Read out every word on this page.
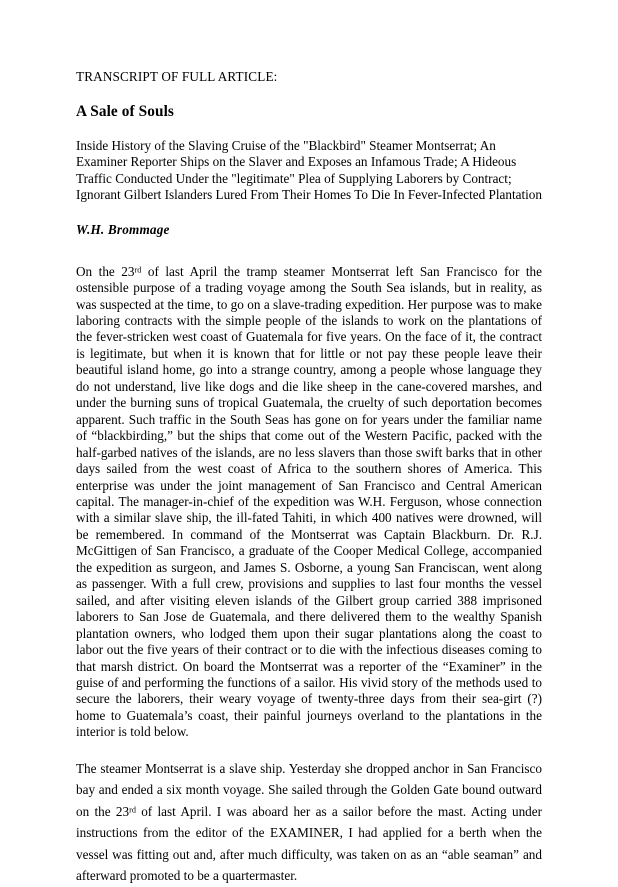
TRANSCRIPT OF FULL ARTICLE:

A Sale of Souls

Inside History of the Slaving Cruise of the "Blackbird" Steamer Montserrat; An Examiner Reporter Ships on the Slaver and Exposes an Infamous Trade; A Hideous Traffic Conducted Under the "legitimate" Plea of Supplying Laborers by Contract; Ignorant Gilbert Islanders Lured From Their Homes To Die In Fever-Infected Plantation

W.H. Brommage

On the 23rd of last April the tramp steamer Montserrat left San Francisco for the ostensible purpose of a trading voyage among the South Sea islands, but in reality, as was suspected at the time, to go on a slave-trading expedition. Her purpose was to make laboring contracts with the simple people of the islands to work on the plantations of the fever-stricken west coast of Guatemala for five years. On the face of it, the contract is legitimate, but when it is known that for little or not pay these people leave their beautiful island home, go into a strange country, among a people whose language they do not understand, live like dogs and die like sheep in the cane-covered marshes, and under the burning suns of tropical Guatemala, the cruelty of such deportation becomes apparent. Such traffic in the South Seas has gone on for years under the familiar name of “blackbirding,” but the ships that come out of the Western Pacific, packed with the half-garbed natives of the islands, are no less slavers than those swift barks that in other days sailed from the west coast of Africa to the southern shores of America. This enterprise was under the joint management of San Francisco and Central American capital. The manager-in-chief of the expedition was W.H. Ferguson, whose connection with a similar slave ship, the ill-fated Tahiti, in which 400 natives were drowned, will be remembered. In command of the Montserrat was Captain Blackburn. Dr. R.J. McGittigen of San Francisco, a graduate of the Cooper Medical College, accompanied the expedition as surgeon, and James S. Osborne, a young San Franciscan, went along as passenger. With a full crew, provisions and supplies to last four months the vessel sailed, and after visiting eleven islands of the Gilbert group carried 388 imprisoned laborers to San Jose de Guatemala, and there delivered them to the wealthy Spanish plantation owners, who lodged them upon their sugar plantations along the coast to labor out the five years of their contract or to die with the infectious diseases coming to that marsh district. On board the Montserrat was a reporter of the “Examiner” in the guise of and performing the functions of a sailor. His vivid story of the methods used to secure the laborers, their weary voyage of twenty-three days from their sea-girt (?) home to Guatemala’s coast, their painful journeys overland to the plantations in the interior is told below.

The steamer Montserrat is a slave ship. Yesterday she dropped anchor in San Francisco bay and ended a six month voyage. She sailed through the Golden Gate bound outward on the 23rd of last April. I was aboard her as a sailor before the mast. Acting under instructions from the editor of the EXAMINER, I had applied for a berth when the vessel was fitting out and, after much difficulty, was taken on as an “able seaman” and afterward promoted to be a quartermaster.
